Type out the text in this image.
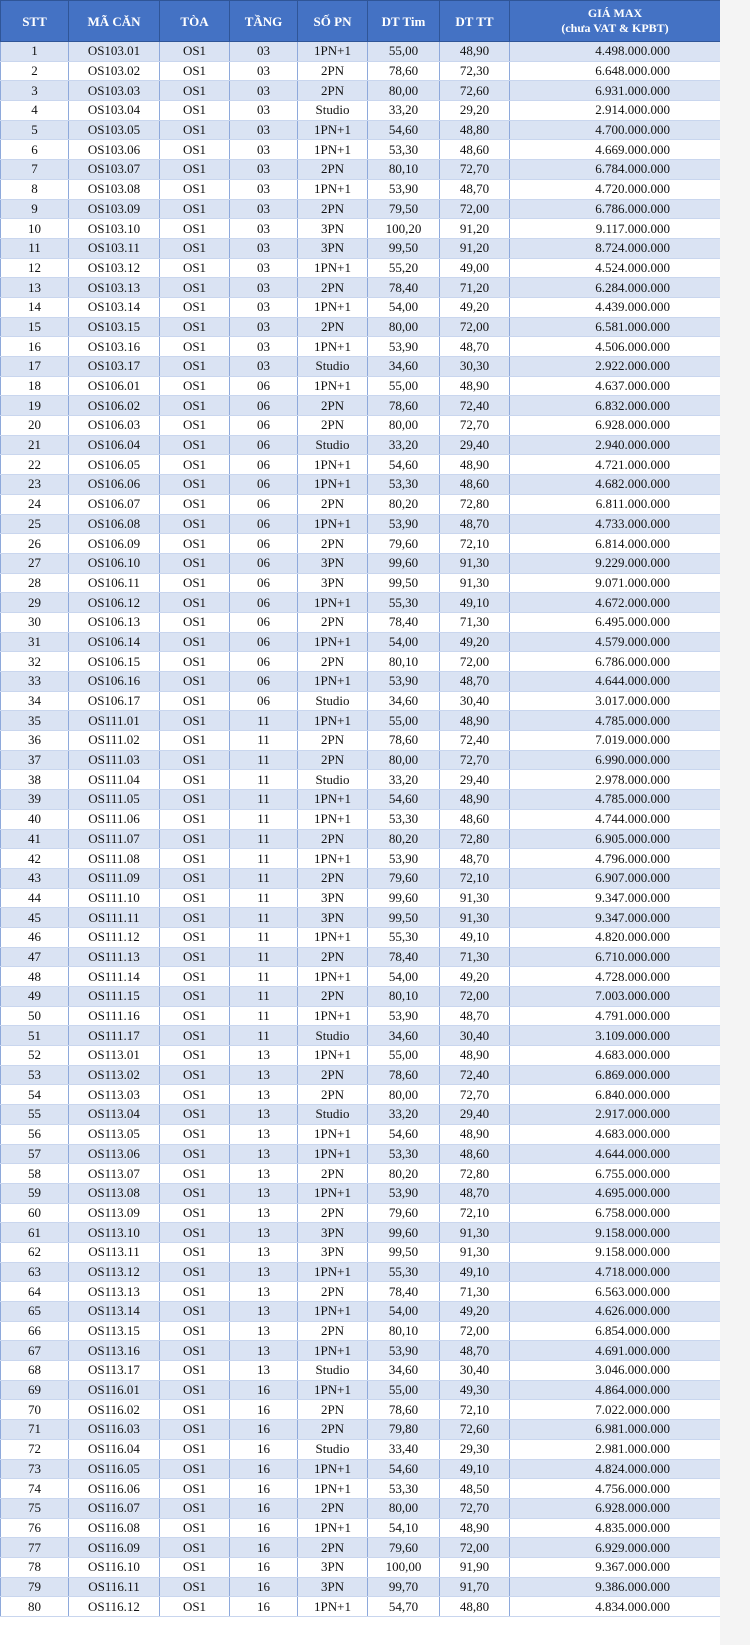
STT	MÃ CĂN	TÒA	TẦNG	SỐ PN	DT Tim	DT TT	GIÁ MAX
(chưa VAT & KPBT)

1	OS103.01	OS1	03	1PN+1	55,00	48,90	4.498.000.000
2	OS103.02	OS1	03	2PN	78,60	72,30	6.648.000.000
3	OS103.03	OS1	03	2PN	80,00	72,60	6.931.000.000
4	OS103.04	OS1	03	Studio	33,20	29,20	2.914.000.000
5	OS103.05	OS1	03	1PN+1	54,60	48,80	4.700.000.000
6	OS103.06	OS1	03	1PN+1	53,30	48,60	4.669.000.000
7	OS103.07	OS1	03	2PN	80,10	72,70	6.784.000.000
8	OS103.08	OS1	03	1PN+1	53,90	48,70	4.720.000.000
9	OS103.09	OS1	03	2PN	79,50	72,00	6.786.000.000
10	OS103.10	OS1	03	3PN	100,20	91,20	9.117.000.000
11	OS103.11	OS1	03	3PN	99,50	91,20	8.724.000.000
12	OS103.12	OS1	03	1PN+1	55,20	49,00	4.524.000.000
13	OS103.13	OS1	03	2PN	78,40	71,20	6.284.000.000
14	OS103.14	OS1	03	1PN+1	54,00	49,20	4.439.000.000
15	OS103.15	OS1	03	2PN	80,00	72,00	6.581.000.000
16	OS103.16	OS1	03	1PN+1	53,90	48,70	4.506.000.000
17	OS103.17	OS1	03	Studio	34,60	30,30	2.922.000.000
18	OS106.01	OS1	06	1PN+1	55,00	48,90	4.637.000.000
19	OS106.02	OS1	06	2PN	78,60	72,40	6.832.000.000
20	OS106.03	OS1	06	2PN	80,00	72,70	6.928.000.000
21	OS106.04	OS1	06	Studio	33,20	29,40	2.940.000.000
22	OS106.05	OS1	06	1PN+1	54,60	48,90	4.721.000.000
23	OS106.06	OS1	06	1PN+1	53,30	48,60	4.682.000.000
24	OS106.07	OS1	06	2PN	80,20	72,80	6.811.000.000
25	OS106.08	OS1	06	1PN+1	53,90	48,70	4.733.000.000
26	OS106.09	OS1	06	2PN	79,60	72,10	6.814.000.000
27	OS106.10	OS1	06	3PN	99,60	91,30	9.229.000.000
28	OS106.11	OS1	06	3PN	99,50	91,30	9.071.000.000
29	OS106.12	OS1	06	1PN+1	55,30	49,10	4.672.000.000
30	OS106.13	OS1	06	2PN	78,40	71,30	6.495.000.000
31	OS106.14	OS1	06	1PN+1	54,00	49,20	4.579.000.000
32	OS106.15	OS1	06	2PN	80,10	72,00	6.786.000.000
33	OS106.16	OS1	06	1PN+1	53,90	48,70	4.644.000.000
34	OS106.17	OS1	06	Studio	34,60	30,40	3.017.000.000
35	OS111.01	OS1	11	1PN+1	55,00	48,90	4.785.000.000
36	OS111.02	OS1	11	2PN	78,60	72,40	7.019.000.000
37	OS111.03	OS1	11	2PN	80,00	72,70	6.990.000.000
38	OS111.04	OS1	11	Studio	33,20	29,40	2.978.000.000
39	OS111.05	OS1	11	1PN+1	54,60	48,90	4.785.000.000
40	OS111.06	OS1	11	1PN+1	53,30	48,60	4.744.000.000
41	OS111.07	OS1	11	2PN	80,20	72,80	6.905.000.000
42	OS111.08	OS1	11	1PN+1	53,90	48,70	4.796.000.000
43	OS111.09	OS1	11	2PN	79,60	72,10	6.907.000.000
44	OS111.10	OS1	11	3PN	99,60	91,30	9.347.000.000
45	OS111.11	OS1	11	3PN	99,50	91,30	9.347.000.000
46	OS111.12	OS1	11	1PN+1	55,30	49,10	4.820.000.000
47	OS111.13	OS1	11	2PN	78,40	71,30	6.710.000.000
48	OS111.14	OS1	11	1PN+1	54,00	49,20	4.728.000.000
49	OS111.15	OS1	11	2PN	80,10	72,00	7.003.000.000
50	OS111.16	OS1	11	1PN+1	53,90	48,70	4.791.000.000
51	OS111.17	OS1	11	Studio	34,60	30,40	3.109.000.000
52	OS113.01	OS1	13	1PN+1	55,00	48,90	4.683.000.000
53	OS113.02	OS1	13	2PN	78,60	72,40	6.869.000.000
54	OS113.03	OS1	13	2PN	80,00	72,70	6.840.000.000
55	OS113.04	OS1	13	Studio	33,20	29,40	2.917.000.000
56	OS113.05	OS1	13	1PN+1	54,60	48,90	4.683.000.000
57	OS113.06	OS1	13	1PN+1	53,30	48,60	4.644.000.000
58	OS113.07	OS1	13	2PN	80,20	72,80	6.755.000.000
59	OS113.08	OS1	13	1PN+1	53,90	48,70	4.695.000.000
60	OS113.09	OS1	13	2PN	79,60	72,10	6.758.000.000
61	OS113.10	OS1	13	3PN	99,60	91,30	9.158.000.000
62	OS113.11	OS1	13	3PN	99,50	91,30	9.158.000.000
63	OS113.12	OS1	13	1PN+1	55,30	49,10	4.718.000.000
64	OS113.13	OS1	13	2PN	78,40	71,30	6.563.000.000
65	OS113.14	OS1	13	1PN+1	54,00	49,20	4.626.000.000
66	OS113.15	OS1	13	2PN	80,10	72,00	6.854.000.000
67	OS113.16	OS1	13	1PN+1	53,90	48,70	4.691.000.000
68	OS113.17	OS1	13	Studio	34,60	30,40	3.046.000.000
69	OS116.01	OS1	16	1PN+1	55,00	49,30	4.864.000.000
70	OS116.02	OS1	16	2PN	78,60	72,10	7.022.000.000
71	OS116.03	OS1	16	2PN	79,80	72,60	6.981.000.000
72	OS116.04	OS1	16	Studio	33,40	29,30	2.981.000.000
73	OS116.05	OS1	16	1PN+1	54,60	49,10	4.824.000.000
74	OS116.06	OS1	16	1PN+1	53,30	48,50	4.756.000.000
75	OS116.07	OS1	16	2PN	80,00	72,70	6.928.000.000
76	OS116.08	OS1	16	1PN+1	54,10	48,90	4.835.000.000
77	OS116.09	OS1	16	2PN	79,60	72,00	6.929.000.000
78	OS116.10	OS1	16	3PN	100,00	91,90	9.367.000.000
79	OS116.11	OS1	16	3PN	99,70	91,70	9.386.000.000
80	OS116.12	OS1	16	1PN+1	54,70	48,80	4.834.000.000
